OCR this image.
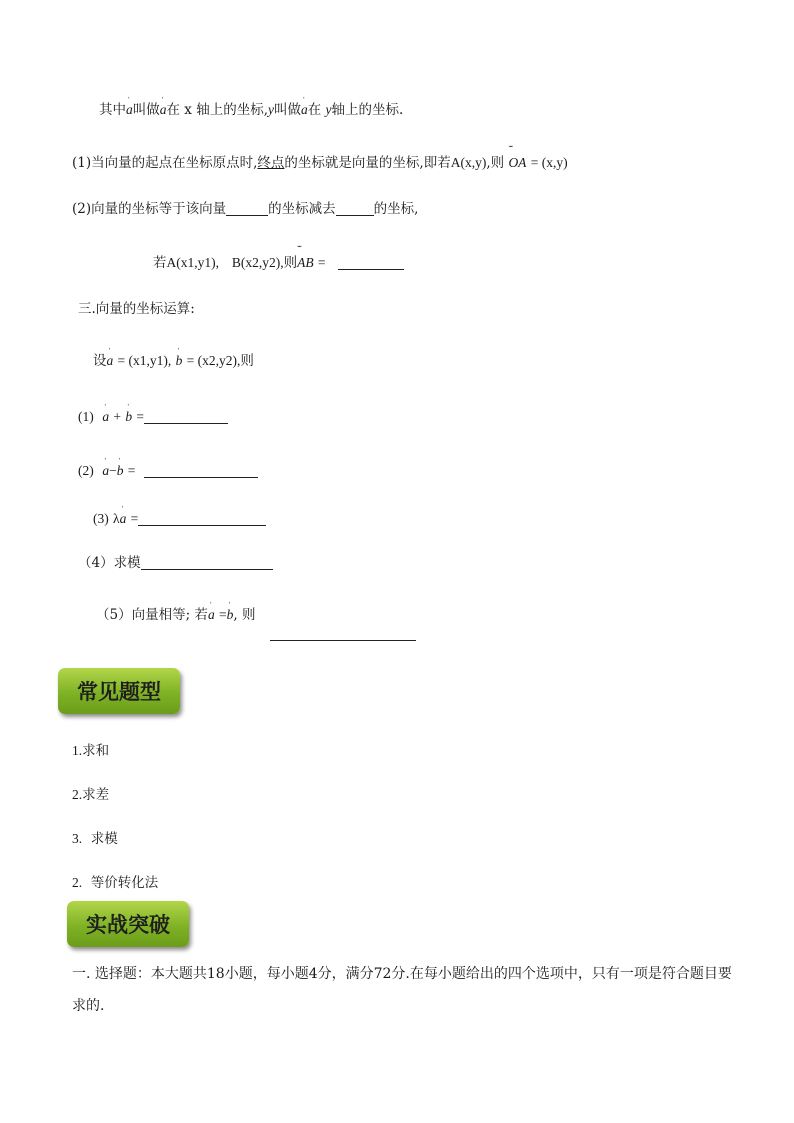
其中ˈ a叫做ˈ a在 x 轴上的坐标,y叫做ˈ a在 y轴上的坐标.
(1)当向量的起点在坐标原点时,终点的坐标就是向量的坐标,即若A(x,y),则 ˘˘ OA = (x,y)
(2)向量的坐标等于该向量	的坐标减去	的坐标,
若A(x1,y1), B(x2,y2),则˘˘ AB =
三.向量的坐标运算:
设ˈ a = (x1,y1), ˈ b = (x2,y2),则
(1) ˈ a + ˈ b =
(2) ˈ a−ˈ b =
(3) λˈ a =
（4）求模
（5）向量相等; 若ˈ a =ˈ b, 则
常见题型
1.求和
2.求差
3. 求模
2. 等价转化法
实战突破
一. 选择题：本大题共18小题，每小题4分，满分72分.在每小题给出的四个选项中，只有一项是符合题目要
求的.
